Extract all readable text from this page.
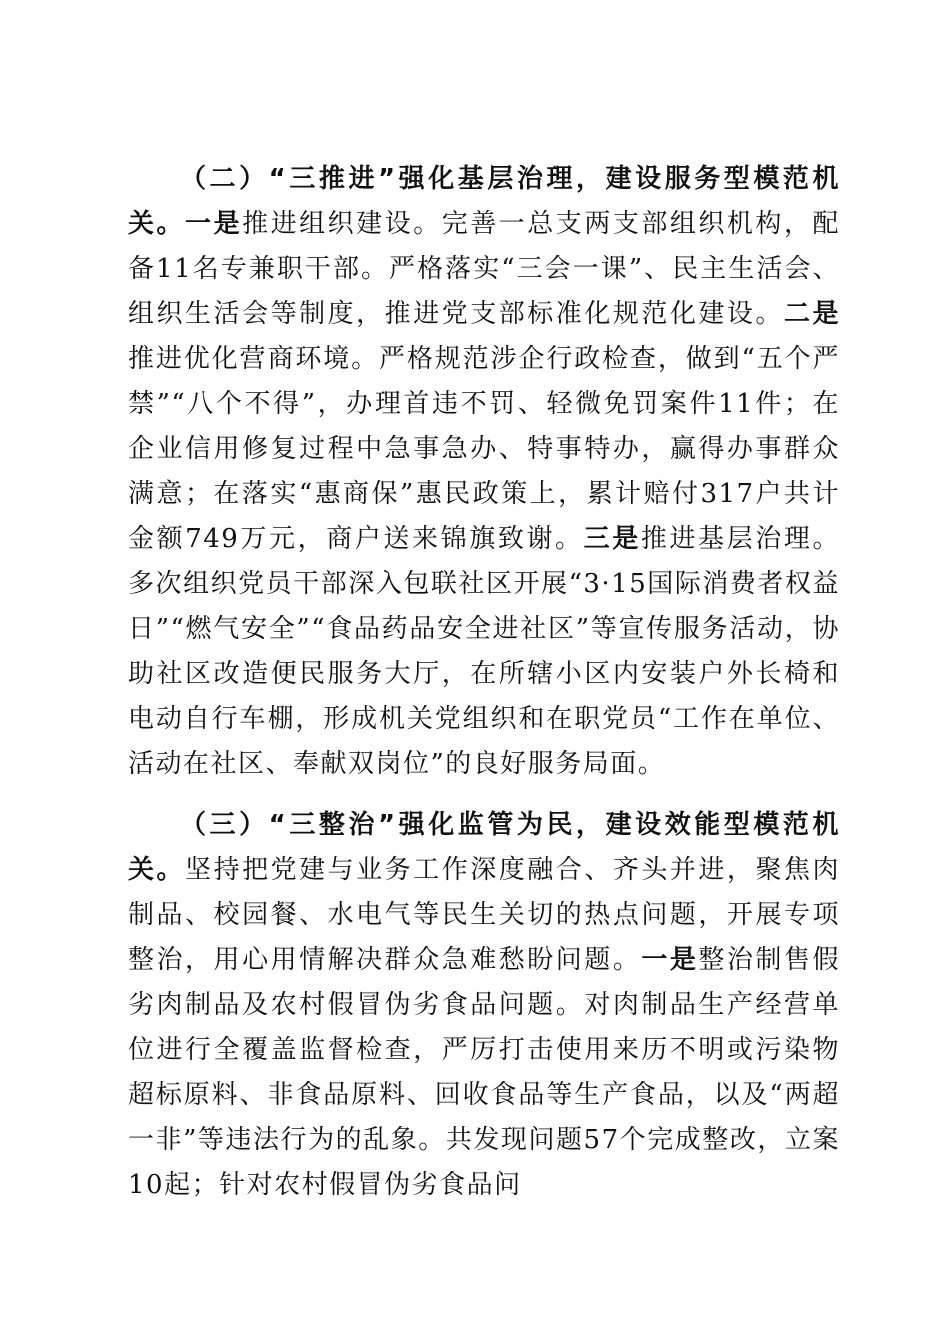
（二）“三推进”强化基层治理，建设服务型模范机关。一是推进组织建设。完善一总支两支部组织机构，配备11名专兼职干部。严格落实“三会一课”、民主生活会、组织生活会等制度，推进党支部标准化规范化建设。二是推进优化营商环境。严格规范涉企行政检查，做到“五个严禁”“八个不得”，办理首违不罚、轻微免罚案件11件；在企业信用修复过程中急事急办、特事特办，赢得办事群众满意；在落实“惠商保”惠民政策上，累计赔付317户共计金额749万元，商户送来锦旗致谢。三是推进基层治理。多次组织党员干部深入包联社区开展“3·15国际消费者权益日”“燃气安全”“食品药品安全进社区”等宣传服务活动，协助社区改造便民服务大厅，在所辖小区内安装户外长椅和电动自行车棚，形成机关党组织和在职党员“工作在单位、活动在社区、奉献双岗位”的良好服务局面。

（三）“三整治”强化监管为民，建设效能型模范机关。坚持把党建与业务工作深度融合、齐头并进，聚焦肉制品、校园餐、水电气等民生关切的热点问题，开展专项整治，用心用情解决群众急难愁盼问题。一是整治制售假劣肉制品及农村假冒伪劣食品问题。对肉制品生产经营单位进行全覆盖监督检查，严厉打击使用来历不明或污染物超标原料、非食品原料、回收食品等生产食品，以及“两超一非”等违法行为的乱象。共发现问题57个完成整改，立案10起；针对农村假冒伪劣食品问
